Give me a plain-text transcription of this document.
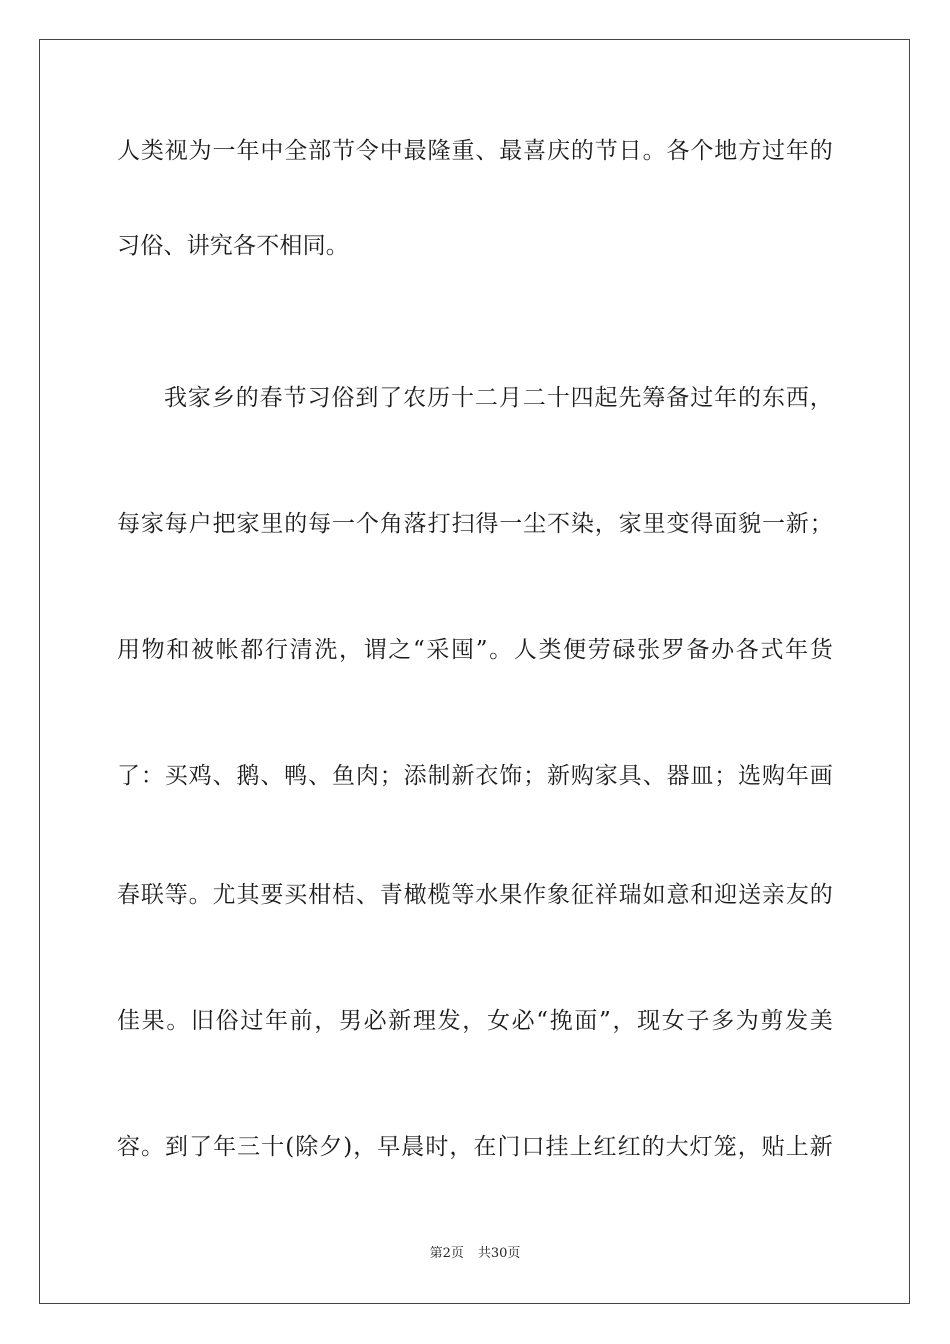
人类视为一年中全部节令中最隆重、最喜庆的节日。各个地方过年的
习俗、讲究各不相同。
我家乡的春节习俗到了农历十二月二十四起先筹备过年的东西，
每家每户把家里的每一个角落打扫得一尘不染，家里变得面貌一新；
用物和被帐都行清洗，谓之“采囤”。人类便劳碌张罗备办各式年货
了：买鸡、鹅、鸭、鱼肉；添制新衣饰；新购家具、器皿；选购年画
春联等。尤其要买柑桔、青橄榄等水果作象征祥瑞如意和迎送亲友的
佳果。旧俗过年前，男必新理发，女必“挽面”，现女子多为剪发美
容。到了年三十(除夕)，早晨时，在门口挂上红红的大灯笼，贴上新
第2页 共30页
